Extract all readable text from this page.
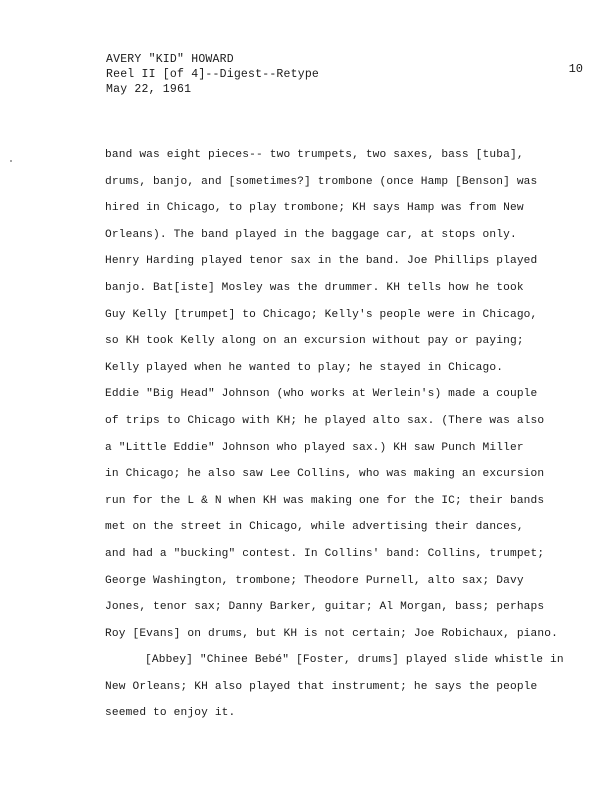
AVERY "KID" HOWARD
Reel II [of 4]--Digest--Retype
May 22, 1961
10
band was eight pieces-- two trumpets, two saxes, bass [tuba],
drums, banjo, and [sometimes?] trombone (once Hamp [Benson] was
hired in Chicago, to play trombone; KH says Hamp was from New
Orleans). The band played in the baggage car, at stops only.
Henry Harding played tenor sax in the band. Joe Phillips played
banjo. Bat[iste] Mosley was the drummer. KH tells how he took
Guy Kelly [trumpet] to Chicago; Kelly's people were in Chicago,
so KH took Kelly along on an excursion without pay or paying;
Kelly played when he wanted to play; he stayed in Chicago.
Eddie "Big Head" Johnson (who works at Werlein's) made a couple
of trips to Chicago with KH; he played alto sax. (There was also
a "Little Eddie" Johnson who played sax.) KH saw Punch Miller
in Chicago; he also saw Lee Collins, who was making an excursion
run for the L & N when KH was making one for the IC; their bands
met on the street in Chicago, while advertising their dances,
and had a "bucking" contest. In Collins' band: Collins, trumpet;
George Washington, trombone; Theodore Purnell, alto sax; Davy
Jones, tenor sax; Danny Barker, guitar; Al Morgan, bass; perhaps
Roy [Evans] on drums, but KH is not certain; Joe Robichaux, piano.
[Abbey] "Chinee Bebé" [Foster, drums] played slide whistle in
New Orleans; KH also played that instrument; he says the people
seemed to enjoy it.
